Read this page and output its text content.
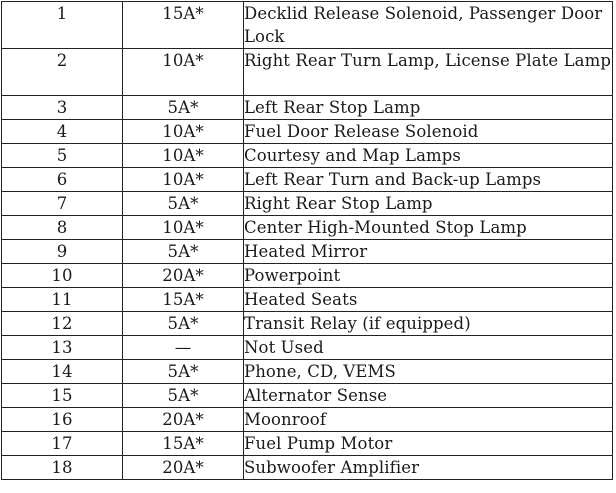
1	15A*	Decklid Release Solenoid, Passenger Door Lock
2	10A*	Right Rear Turn Lamp, License Plate Lamp
3	5A*	Left Rear Stop Lamp
4	10A*	Fuel Door Release Solenoid
5	10A*	Courtesy and Map Lamps
6	10A*	Left Rear Turn and Back-up Lamps
7	5A*	Right Rear Stop Lamp
8	10A*	Center High-Mounted Stop Lamp
9	5A*	Heated Mirror
10	20A*	Powerpoint
11	15A*	Heated Seats
12	5A*	Transit Relay (if equipped)
13	—	Not Used
14	5A*	Phone, CD, VEMS
15	5A*	Alternator Sense
16	20A*	Moonroof
17	15A*	Fuel Pump Motor
18	20A*	Subwoofer Amplifier
